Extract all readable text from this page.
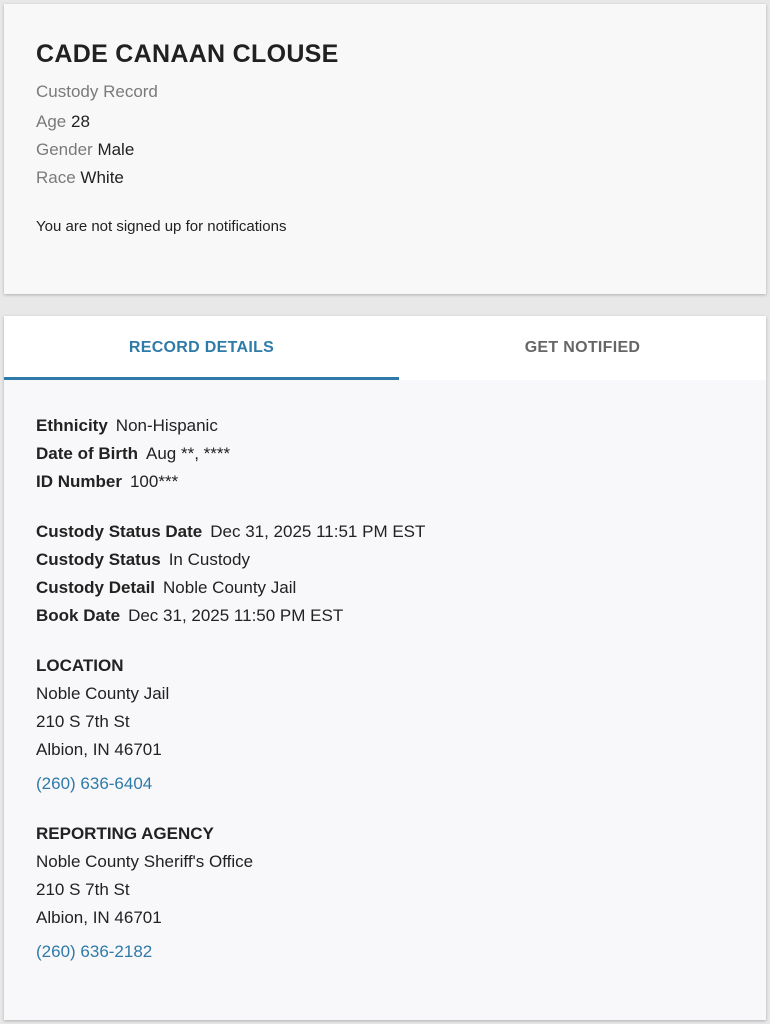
CADE CANAAN CLOUSE
Custody Record
Age 28
Gender Male
Race White
You are not signed up for notifications
RECORD DETAILS	GET NOTIFIED
Ethnicity Non-Hispanic
Date of Birth Aug **, ****
ID Number 100***
Custody Status Date Dec 31, 2025 11:51 PM EST
Custody Status In Custody
Custody Detail Noble County Jail
Book Date Dec 31, 2025 11:50 PM EST
LOCATION
Noble County Jail
210 S 7th St
Albion, IN 46701
(260) 636-6404
REPORTING AGENCY
Noble County Sheriff's Office
210 S 7th St
Albion, IN 46701
(260) 636-2182
